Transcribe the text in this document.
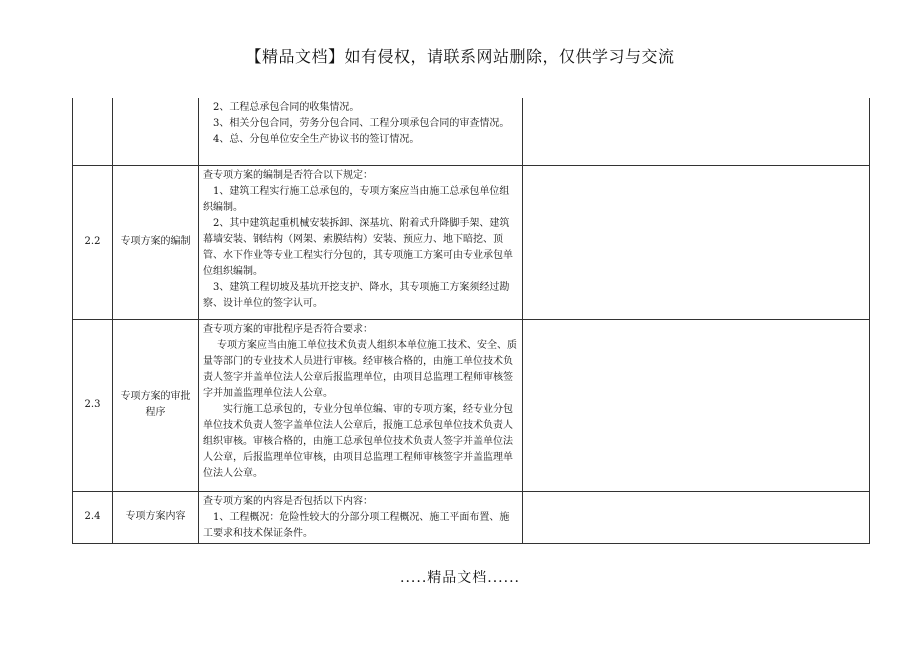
【精品文档】如有侵权，请联系网站删除，仅供学习与交流

		2、工程总承包合同的收集情况。

3、相关分包合同，劳务分包合同、工程分项承包合同的审查情况。

4、总、分包单位安全生产协议书的签订情况。	

2.2	专项方案的编制	查专项方案的编制是否符合以下规定：

1、建筑工程实行施工总承包的，专项方案应当由施工总承包单位组织编制。

2、其中建筑起重机械安装拆卸、深基坑、附着式升降脚手架、建筑幕墙安装、钢结构（网架、索膜结构）安装、预应力、地下暗挖、顶管、水下作业等专业工程实行分包的，其专项施工方案可由专业承包单位组织编制。

3、建筑工程切坡及基坑开挖支护、降水，其专项施工方案须经过勘察、设计单位的签字认可。	

2.3	专项方案的审批程序	查专项方案的审批程序是否符合要求：

专项方案应当由施工单位技术负责人组织本单位施工技术、安全、质量等部门的专业技术人员进行审核。经审核合格的，由施工单位技术负责人签字并盖单位法人公章后报监理单位，由项目总监理工程师审核签字并加盖监理单位法人公章。

实行施工总承包的，专业分包单位编、审的专项方案，经专业分包单位技术负责人签字盖单位法人公章后，报施工总承包单位技术负责人组织审核。审核合格的，由施工总承包单位技术负责人签字并盖单位法人公章，后报监理单位审核，由项目总监理工程师审核签字并盖监理单位法人公章。	

2.4	专项方案内容	查专项方案的内容是否包括以下内容：

1、工程概况：危险性较大的分部分项工程概况、施工平面布置、施工要求和技术保证条件。	

.....精品文档......
